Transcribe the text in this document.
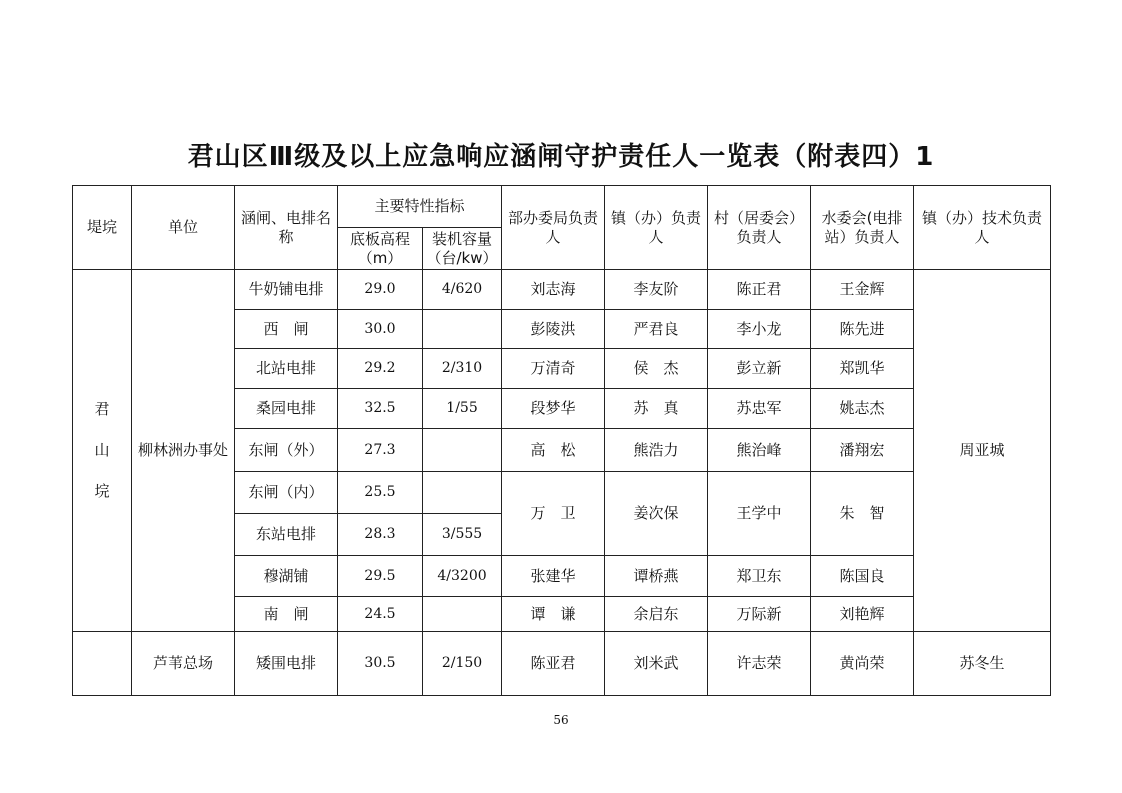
君山区Ⅲ级及以上应急响应涵闸守护责任人一览表（附表四）1
堤垸	单位	涵闸、电排名称	主要特性指标		部办委局负责人	镇（办）负责人	村（居委会）负责人	水委会(电排站）负责人	镇（办）技术负责人
			底板高程（m）	装机容量（台/kw）					

君
山
垸	柳林洲办事处	牛奶铺电排	29.0	4/620	刘志海	李友阶	陈正君	王金辉	周亚城
		西　闸	30.0		彭陵洪	严君良	李小龙	陈先进	
		北站电排	29.2	2/310	万清奇	侯　杰	彭立新	郑凯华	
		桑园电排	32.5	1/55	段梦华	苏　真	苏忠军	姚志杰	
		东闸（外）	27.3		高　松	熊浩力	熊治峰	潘翔宏	
		东闸（内）	25.5		万　卫	姜次保	王学中	朱　智	
		东站电排	28.3	3/555					
		穆湖铺	29.5	4/3200	张建华	谭桥燕	郑卫东	陈国良	
		南　闸	24.5		谭　谦	余启东	万际新	刘艳辉	
	芦苇总场	矮围电排	30.5	2/150	陈亚君	刘米武	许志荣	黄尚荣	苏冬生
56
